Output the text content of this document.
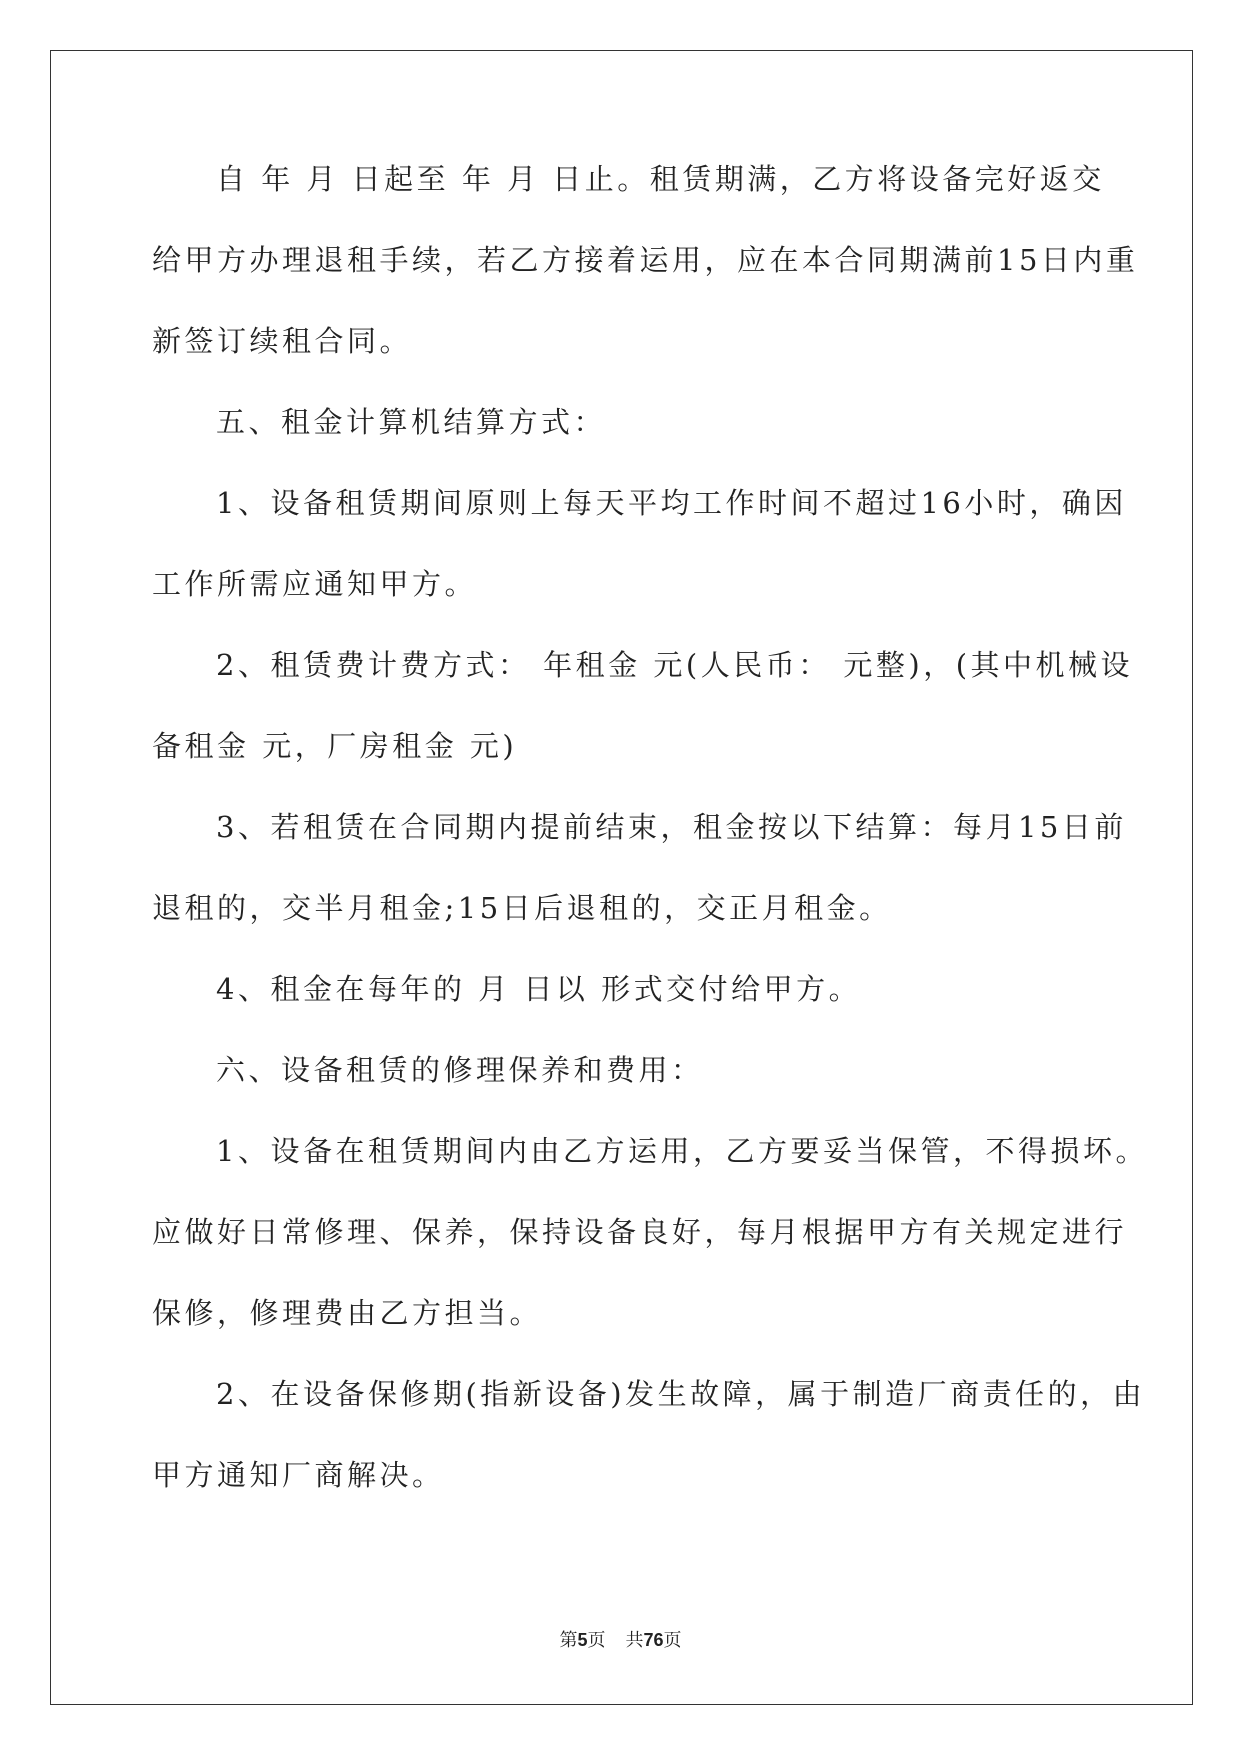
自 年 月 日起至 年 月 日止。租赁期满，乙方将设备完好返交

给甲方办理退租手续，若乙方接着运用，应在本合同期满前15日内重

新签订续租合同。

五、租金计算机结算方式：

1、设备租赁期间原则上每天平均工作时间不超过16小时，确因

工作所需应通知甲方。

2、租赁费计费方式： 年租金 元(人民币： 元整)，(其中机械设

备租金 元，厂房租金 元)

3、若租赁在合同期内提前结束，租金按以下结算：每月15日前

退租的，交半月租金;15日后退租的，交正月租金。

4、租金在每年的 月 日以 形式交付给甲方。

六、设备租赁的修理保养和费用：

1、设备在租赁期间内由乙方运用，乙方要妥当保管，不得损坏。

应做好日常修理、保养，保持设备良好，每月根据甲方有关规定进行

保修，修理费由乙方担当。

2、在设备保修期(指新设备)发生故障，属于制造厂商责任的，由

甲方通知厂商解决。

第5页 共76页
